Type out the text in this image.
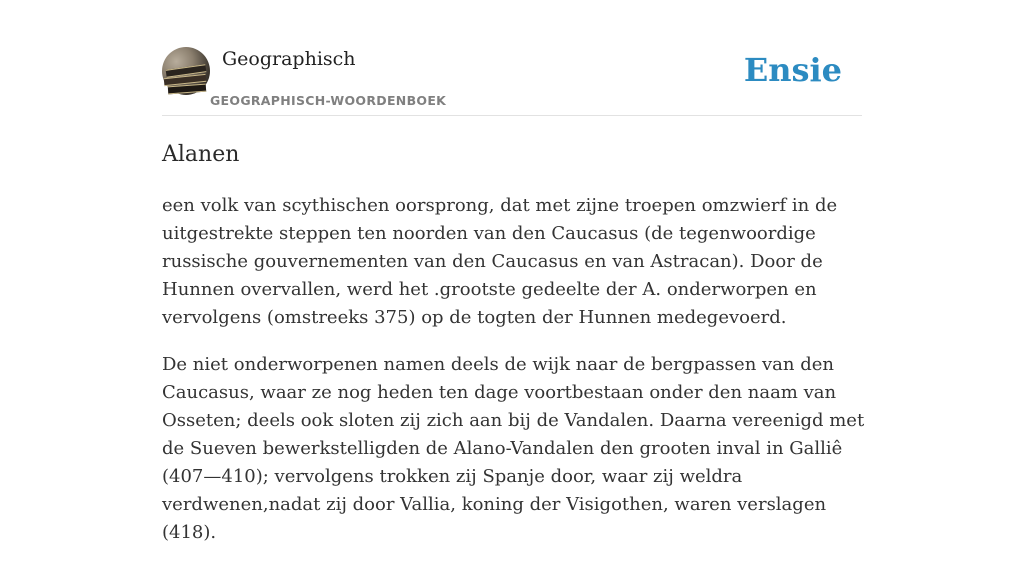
Geographisch
GEOGRAPHISCH-WOORDENBOEK
Ensie
Alanen

een volk van scythischen oorsprong, dat met zijne troepen omzwierf in de uitgestrekte steppen ten noorden van den Caucasus (de tegenwoordige russische gouvernementen van den Caucasus en van Astracan). Door de Hunnen overvallen, werd het .grootste gedeelte der A. onderworpen en vervolgens (omstreeks 375) op de togten der Hunnen medegevoerd.

De niet onderworpenen namen deels de wijk naar de bergpassen van den Caucasus, waar ze nog heden ten dage voortbestaan onder den naam van Osseten; deels ook sloten zij zich aan bij de Vandalen. Daarna vereenigd met de Sueven bewerkstelligden de Alano-Vandalen den grooten inval in Galliê (407—410); vervolgens trokken zij Spanje door, waar zij weldra verdwenen,nadat zij door Vallia, koning der Visigothen, waren verslagen (418).
